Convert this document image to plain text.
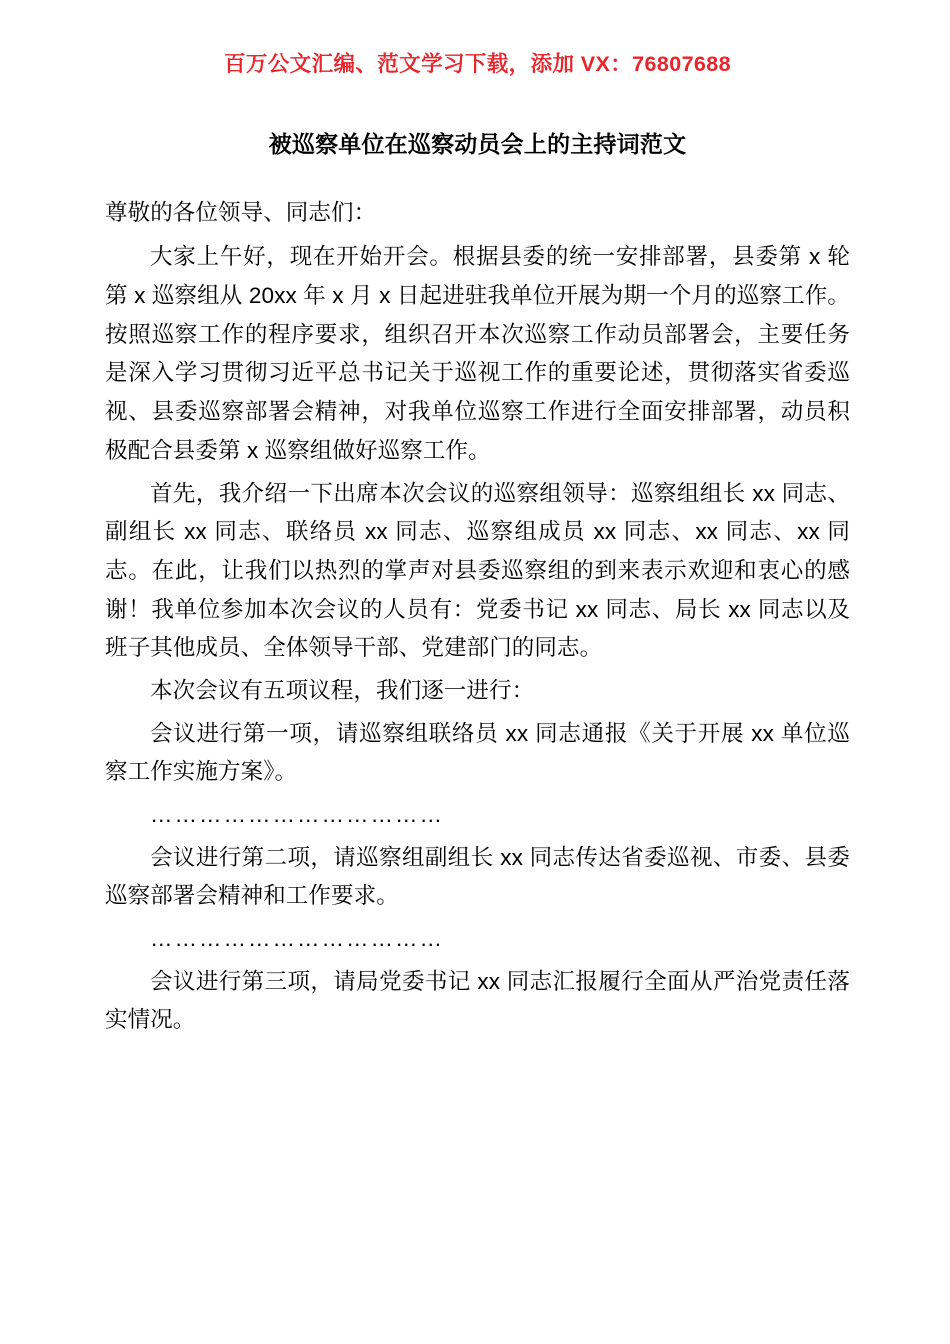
百万公文汇编、范文学习下载，添加 VX：76807688
被巡察单位在巡察动员会上的主持词范文

尊敬的各位领导、同志们：

大家上午好，现在开始开会。根据县委的统一安排部署，县委第 x 轮第 x 巡察组从 20xx 年 x 月 x 日起进驻我单位开展为期一个月的巡察工作。按照巡察工作的程序要求，组织召开本次巡察工作动员部署会，主要任务是深入学习贯彻习近平总书记关于巡视工作的重要论述，贯彻落实省委巡视、县委巡察部署会精神，对我单位巡察工作进行全面安排部署，动员积极配合县委第 x 巡察组做好巡察工作。

首先，我介绍一下出席本次会议的巡察组领导：巡察组组长 xx 同志、副组长 xx 同志、联络员 xx 同志、巡察组成员 xx 同志、xx 同志、xx 同志。在此，让我们以热烈的掌声对县委巡察组的到来表示欢迎和衷心的感谢！我单位参加本次会议的人员有：党委书记 xx 同志、局长 xx 同志以及班子其他成员、全体领导干部、党建部门的同志。

本次会议有五项议程，我们逐一进行：

会议进行第一项，请巡察组联络员 xx 同志通报《关于开展 xx 单位巡察工作实施方案》。

………………………………

会议进行第二项，请巡察组副组长 xx 同志传达省委巡视、市委、县委巡察部署会精神和工作要求。

………………………………

会议进行第三项，请局党委书记 xx 同志汇报履行全面从严治党责任落实情况。
